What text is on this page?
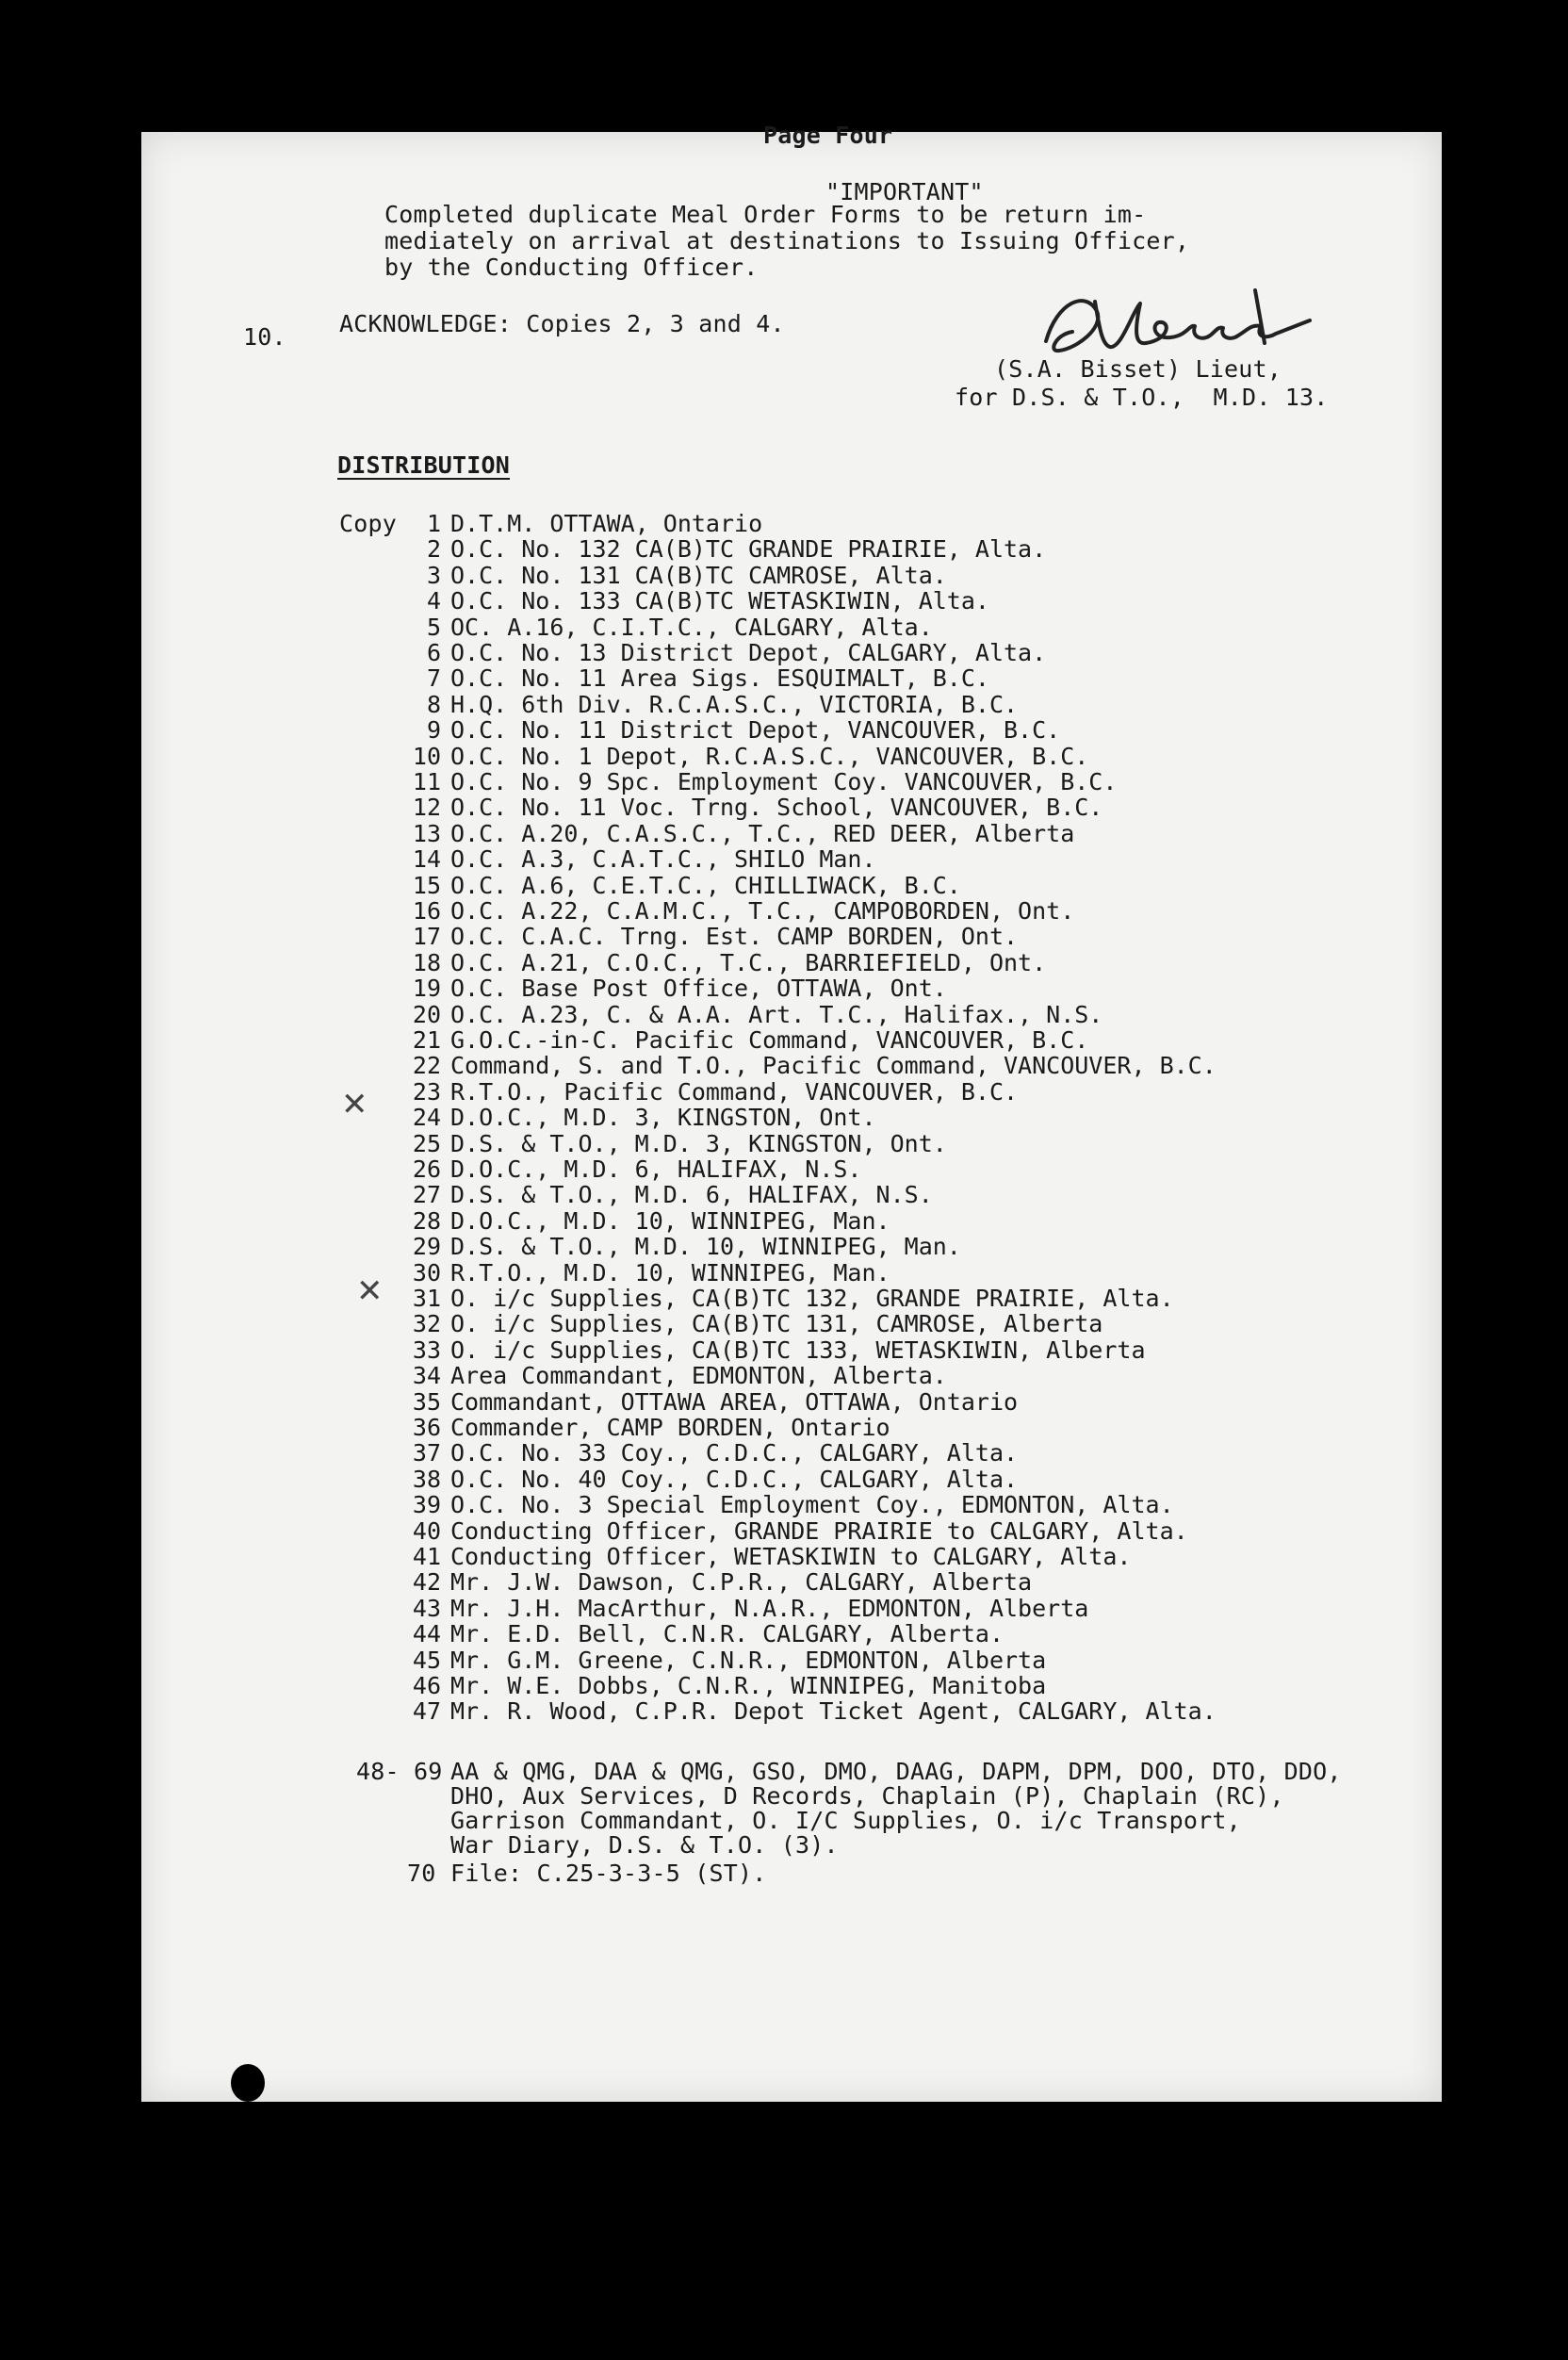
Page Four
"IMPORTANT"
Completed duplicate Meal Order Forms to be return im-
mediately on arrival at destinations to Issuing Officer,
by the Conducting Officer.
10. ACKNOWLEDGE: Copies 2, 3 and 4.
(S.A. Bisset) Lieut,
for D.S. & T.O.,  M.D. 13.
DISTRIBUTION
Copy	1 D.T.M. OTTAWA, Ontario
2 O.C. No. 132 CA(B)TC GRANDE PRAIRIE, Alta.
3 O.C. No. 131 CA(B)TC CAMROSE, Alta.
4 O.C. No. 133 CA(B)TC WETASKIWIN, Alta.
5 OC. A.16, C.I.T.C., CALGARY, Alta.
6 O.C. No. 13 District Depot, CALGARY, Alta.
7 O.C. No. 11 Area Sigs. ESQUIMALT, B.C.
8 H.Q. 6th Div. R.C.A.S.C., VICTORIA, B.C.
9 O.C. No. 11 District Depot, VANCOUVER, B.C.
10 O.C. No. 1 Depot, R.C.A.S.C., VANCOUVER, B.C.
11 O.C. No. 9 Spc. Employment Coy. VANCOUVER, B.C.
12 O.C. No. 11 Voc. Trng. School, VANCOUVER, B.C.
13 O.C. A.20, C.A.S.C., T.C., RED DEER, Alberta
14 O.C. A.3, C.A.T.C., SHILO Man.
15 O.C. A.6, C.E.T.C., CHILLIWACK, B.C.
16 O.C. A.22, C.A.M.C., T.C., CAMPOBORDEN, Ont.
17 O.C. C.A.C. Trng. Est. CAMP BORDEN, Ont.
18 O.C. A.21, C.O.C., T.C., BARRIEFIELD, Ont.
19 O.C. Base Post Office, OTTAWA, Ont.
20 O.C. A.23, C. & A.A. Art. T.C., Halifax., N.S.
21 G.O.C.-in-C. Pacific Command, VANCOUVER, B.C.
22 Command, S. and T.O., Pacific Command, VANCOUVER, B.C.
23 R.T.O., Pacific Command, VANCOUVER, B.C.
24 D.O.C., M.D. 3, KINGSTON, Ont.
25 D.S. & T.O., M.D. 3, KINGSTON, Ont.
26 D.O.C., M.D. 6, HALIFAX, N.S.
27 D.S. & T.O., M.D. 6, HALIFAX, N.S.
28 D.O.C., M.D. 10, WINNIPEG, Man.
29 D.S. & T.O., M.D. 10, WINNIPEG, Man.
30 R.T.O., M.D. 10, WINNIPEG, Man.
31 O. i/c Supplies, CA(B)TC 132, GRANDE PRAIRIE, Alta.
32 O. i/c Supplies, CA(B)TC 131, CAMROSE, Alberta
33 O. i/c Supplies, CA(B)TC 133, WETASKIWIN, Alberta
34 Area Commandant, EDMONTON, Alberta.
35 Commandant, OTTAWA AREA, OTTAWA, Ontario
36 Commander, CAMP BORDEN, Ontario
37 O.C. No. 33 Coy., C.D.C., CALGARY, Alta.
38 O.C. No. 40 Coy., C.D.C., CALGARY, Alta.
39 O.C. No. 3 Special Employment Coy., EDMONTON, Alta.
40 Conducting Officer, GRANDE PRAIRIE to CALGARY, Alta.
41 Conducting Officer, WETASKIWIN to CALGARY, Alta.
42 Mr. J.W. Dawson, C.P.R., CALGARY, Alberta
43 Mr. J.H. MacArthur, N.A.R., EDMONTON, Alberta
44 Mr. E.D. Bell, C.N.R. CALGARY, Alberta.
45 Mr. G.M. Greene, C.N.R., EDMONTON, Alberta
46 Mr. W.E. Dobbs, C.N.R., WINNIPEG, Manitoba
47 Mr. R. Wood, C.P.R. Depot Ticket Agent, CALGARY, Alta.
✕
✕
48- 69 AA & QMG, DAA & QMG, GSO, DMO, DAAG, DAPM, DPM, DOO, DTO, DDO,
DHO, Aux Services, D Records, Chaplain (P), Chaplain (RC),
Garrison Commandant, O. I/C Supplies, O. i/c Transport,
War Diary, D.S. & T.O. (3).
70 File: C.25-3-3-5 (ST).
